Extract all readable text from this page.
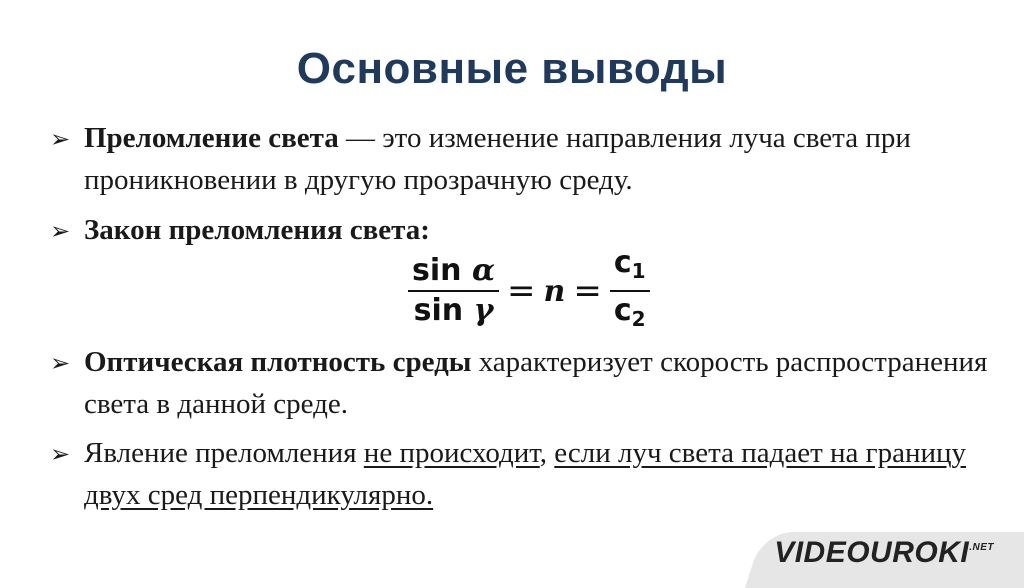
Основные выводы
➢ Преломление света — это изменение направления луча света при проникновении в другую прозрачную среду.
➢ Закон преломления света:
$\frac{\text{sin α}}{\text{sin γ}} = n = \frac{c_1}{c_2}$
➢ Оптическая плотность среды характеризует скорость распространения света в данной среде.
➢ Явление преломления не происходит, если луч света падает на границу двух сред перпендикулярно.
$VIDEOUROKI^{.NET}$
